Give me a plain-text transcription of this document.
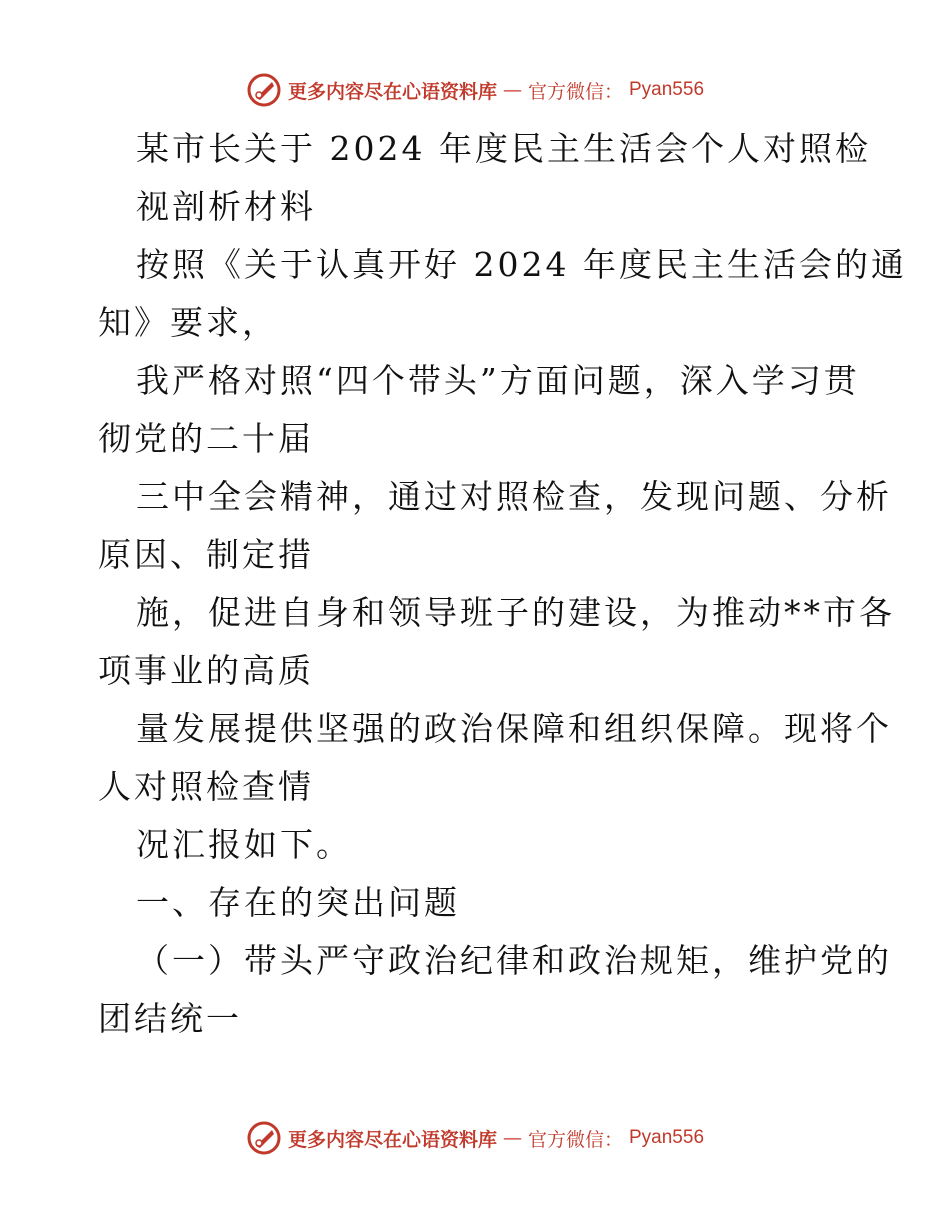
更多内容尽在心语资料库 — 官方微信： Pyan556
某市长关于 2024 年度民主生活会个人对照检
视剖析材料
按照《关于认真开好 2024 年度民主生活会的通
知》要求，
我严格对照“四个带头”方面问题，深入学习贯
彻党的二十届
三中全会精神，通过对照检查，发现问题、分析
原因、制定措
施，促进自身和领导班子的建设，为推动**市各
项事业的高质
量发展提供坚强的政治保障和组织保障。现将个
人对照检查情
况汇报如下。
一、存在的突出问题
（一）带头严守政治纪律和政治规矩，维护党的
团结统一
更多内容尽在心语资料库 — 官方微信： Pyan556
